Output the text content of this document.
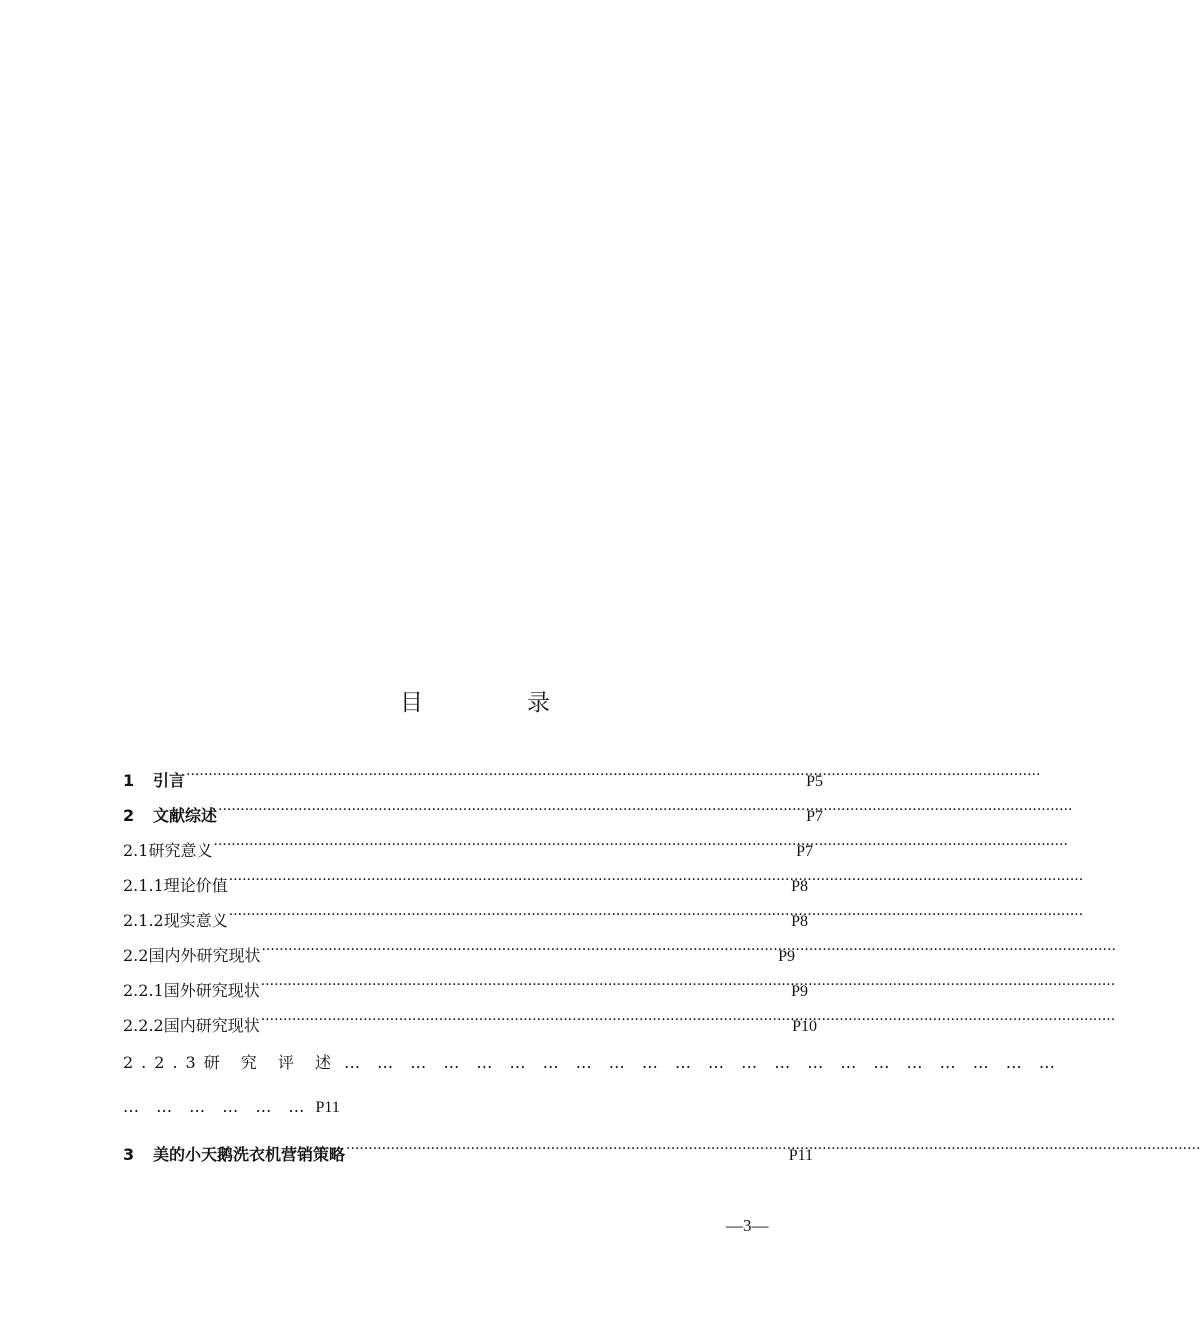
目	录
1	引言 ·····	P5
2	文献综述 ·····	P7
2.1 研究意义 ·····	P7
2.1.1 理论价值 ·····	P8
2.1.2 现实意义 ·····	P8
2.2 国内外研究现状 ·····	P9
2.2.1 国外研究现状 ·····	P9
2.2.2 国内研究现状 ·····	P10
2.2.3研 究 评 述 … … … … … … … … … … … … … … … … … … … … … …
… … … … … … P11
3	美的小天鹅洗衣机营销策略 ·····	P11
—3—
